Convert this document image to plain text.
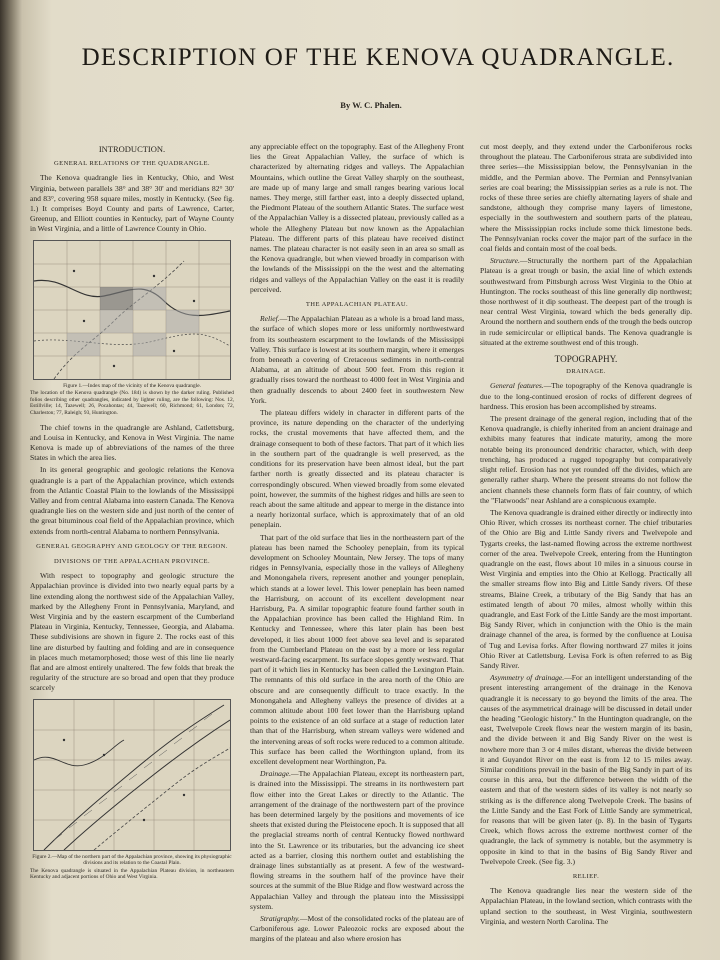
DESCRIPTION OF THE KENOVA QUADRANGLE.
By W. C. Phalen.
INTRODUCTION.
GENERAL RELATIONS OF THE QUADRANGLE.

The Kenova quadrangle lies in Kentucky, Ohio, and West Virginia, between parallels 38° and 38° 30' and meridians 82° 30' and 83°, covering 958 square miles, mostly in Kentucky. (See fig. 1.) It comprises Boyd County and parts of Lawrence, Carter, Greenup, and Elliott counties in Kentucky, part of Wayne County in West Virginia, and a little of Lawrence County in Ohio.

Figure 1.—Index map of the vicinity of the Kenova quadrangle.
The location of the Kenova quadrangle (No. 184) is shown by the darker ruling. Published folios describing other quadrangles, indicated by lighter ruling, are the following: Nos. 12, Estillville; 14, Tazewell; 26, Pocahontas; 44, Tazewell; 60, Richmond; 61, London; 72, Charleston; 77, Raleigh; 93, Huntington.

The chief towns in the quadrangle are Ashland, Catlettsburg, and Louisa in Kentucky, and Kenova in West Virginia. The name Kenova is made up of abbreviations of the names of the three States in which the area lies.

In its general geographic and geologic relations the Kenova quadrangle is a part of the Appalachian province, which extends from the Atlantic Coastal Plain to the lowlands of the Mississippi Valley and from central Alabama into eastern Canada. The Kenova quadrangle lies on the western side and just north of the center of the great bituminous coal field of the Appalachian province, which extends from north-central Alabama to northern Pennsylvania.

GENERAL GEOGRAPHY AND GEOLOGY OF THE REGION.
DIVISIONS OF THE APPALACHIAN PROVINCE.

With respect to topography and geologic structure the Appalachian province is divided into two nearly equal parts by a line extending along the northwest side of the Appalachian Valley, marked by the Allegheny Front in Pennsylvania, Maryland, and West Virginia and by the eastern escarpment of the Cumberland Plateau in Virginia, Kentucky, Tennessee, Georgia, and Alabama. These subdivisions are shown in figure 2. The rocks east of this line are disturbed by faulting and folding and are in consequence in places much metamorphosed; those west of this line lie nearly flat and are almost entirely unaltered. The few folds that break the regularity of the structure are so broad and open that they produce scarcely

Figure 2.—Map of the northern part of the Appalachian province, showing its physiographic divisions and its relation to the Coastal Plain.
The Kenova quadrangle is situated in the Appalachian Plateau division, in northeastern Kentucky and adjacent portions of Ohio and West Virginia.

any appreciable effect on the topography. East of the Allegheny Front lies the Great Appalachian Valley, the surface of which is characterized by alternating ridges and valleys. The Appalachian Mountains, which outline the Great Valley sharply on the southeast, are made up of many large and small ranges bearing various local names. They merge, still farther east, into a deeply dissected upland, the Piedmont Plateau of the southern Atlantic States. The surface west of the Appalachian Valley is a dissected plateau, previously called as a whole the Allegheny Plateau but now known as the Appalachian Plateau. The different parts of this plateau have received distinct names. The plateau character is not easily seen in an area so small as the Kenova quadrangle, but when viewed broadly in comparison with the lowlands of the Mississippi on the the west and the alternating ridges and valleys of the Appalachian Valley on the east it is readily perceived.

THE APPALACHIAN PLATEAU.

Relief.—The Appalachian Plateau as a whole is a broad land mass, the surface of which slopes more or less uniformly northwestward from its southeastern escarpment to the lowlands of the Mississippi Valley. This surface is lowest at its southern margin, where it emerges from beneath a covering of Cretaceous sediments in north-central Alabama, at an altitude of about 500 feet. From this region it gradually rises toward the northeast to 4000 feet in West Virginia and then gradually descends to about 2400 feet in southwestern New York.

The plateau differs widely in character in different parts of the province, its nature depending on the character of the underlying rocks, the crustal movements that have affected them, and the drainage consequent to both of these factors. That part of it which lies in the southern part of the quadrangle is well preserved, as the conditions for its preservation have been almost ideal, but the part farther north is greatly dissected and its plateau character is correspondingly obscured. When viewed broadly from some elevated point, however, the summits of the highest ridges and hills are seen to reach about the same altitude and appear to merge in the distance into a nearly horizontal surface, which is approximately that of an old peneplain.

That part of the old surface that lies in the northeastern part of the plateau has been named the Schooley peneplain, from its typical development on Schooley Mountain, New Jersey. The tops of many ridges in Pennsylvania, especially those in the valleys of Allegheny and Monongahela rivers, represent another and younger peneplain, which stands at a lower level. This lower peneplain has been named the Harrisburg, on account of its excellent development near Harrisburg, Pa. A similar topographic feature found farther south in the Appalachian province has been called the Highland Rim. In Kentucky and Tennessee, where this later plain has been best developed, it lies about 1000 feet above sea level and is separated from the Cumberland Plateau on the east by a more or less regular westward-facing escarpment. Its surface slopes gently westward. That part of it which lies in Kentucky has been called the Lexington Plain. The remnants of this old surface in the area north of the Ohio are obscure and are consequently difficult to trace exactly. In the Monongahela and Allegheny valleys the presence of divides at a common altitude about 100 feet lower than the Harrisburg upland points to the existence of an old surface at a stage of reduction later than that of the Harrisburg, when stream valleys were widened and the intervening areas of soft rocks were reduced to a common altitude. This surface has been called the Worthington upland, from its excellent development near Worthington, Pa.

Drainage.—The Appalachian Plateau, except its northeastern part, is drained into the Mississippi. The streams in its northwestern part flow either into the Great Lakes or directly to the Atlantic. The arrangement of the drainage of the northwestern part of the province has been determined largely by the positions and movements of ice sheets that existed during the Pleistocene epoch. It is supposed that all the preglacial streams north of central Kentucky flowed northward into the St. Lawrence or its tributaries, but the advancing ice sheet acted as a barrier, closing this northern outlet and establishing the drainage lines substantially as at present. A few of the westward-flowing streams in the southern half of the province have their sources at the summit of the Blue Ridge and flow westward across the Appalachian Valley and through the plateau into the Mississippi system.

Stratigraphy.—Most of the consolidated rocks of the plateau are of Carboniferous age. Lower Paleozoic rocks are exposed about the margins of the plateau and also where erosion has

cut most deeply, and they extend under the Carboniferous rocks throughout the plateau. The Carboniferous strata are subdivided into three series—the Mississippian below, the Pennsylvanian in the middle, and the Permian above. The Permian and Pennsylvanian series are coal bearing; the Mississippian series as a rule is not. The rocks of these three series are chiefly alternating layers of shale and sandstone, although they comprise many layers of limestone, especially in the southwestern and southern parts of the plateau, where the Mississippian rocks include some thick limestone beds. The Pennsylvanian rocks cover the major part of the surface in the coal fields and contain most of the coal beds.

Structure.—Structurally the northern part of the Appalachian Plateau is a great trough or basin, the axial line of which extends southwestward from Pittsburgh across West Virginia to the Ohio at Huntington. The rocks southeast of this line generally dip northwest; those northwest of it dip southeast. The deepest part of the trough is near central West Virginia, toward which the beds generally dip. Around the northern and southern ends of the trough the beds outcrop in rude semicircular or elliptical bands. The Kenova quadrangle is situated at the extreme southwest end of this trough.

TOPOGRAPHY.
DRAINAGE.

General features.—The topography of the Kenova quadrangle is due to the long-continued erosion of rocks of different degrees of hardness. This erosion has been accomplished by streams.

The present drainage of the general region, including that of the Kenova quadrangle, is chiefly inherited from an ancient drainage and exhibits many features that indicate maturity, among the more notable being its pronounced dendritic character, which, with deep trenching, has produced a rugged topography but comparatively slight relief. Erosion has not yet rounded off the divides, which are generally rather sharp. Where the present streams do not follow the ancient channels these channels form flats of fair country, of which the "Flatwoods" near Ashland are a conspicuous example.

The Kenova quadrangle is drained either directly or indirectly into Ohio River, which crosses its northeast corner. The chief tributaries of the Ohio are Big and Little Sandy rivers and Twelvepole and Tygarts creeks, the last-named flowing across the extreme northwest corner of the area. Twelvepole Creek, entering from the Huntington quadrangle on the east, flows about 10 miles in a sinuous course in West Virginia and empties into the Ohio at Kellogg. Practically all the smaller streams flow into Big and Little Sandy rivers. Of these streams, Blaine Creek, a tributary of the Big Sandy that has an estimated length of about 70 miles, almost wholly within this quadrangle, and East Fork of the Little Sandy are the most important. Big Sandy River, which in conjunction with the Ohio is the main drainage channel of the area, is formed by the confluence at Louisa of Tug and Levisa forks. After flowing northward 27 miles it joins Ohio River at Catlettsburg. Levisa Fork is often referred to as Big Sandy River.

Asymmetry of drainage.—For an intelligent understanding of the present interesting arrangement of the drainage in the Kenova quadrangle it is necessary to go beyond the limits of the area. The causes of the asymmetrical drainage will be discussed in detail under the heading "Geologic history." In the Huntington quadrangle, on the east, Twelvepole Creek flows near the western margin of its basin, and the divide between it and Big Sandy River on the west is nowhere more than 3 or 4 miles distant, whereas the divide between it and Guyandot River on the east is from 12 to 15 miles away. Similar conditions prevail in the basin of the Big Sandy in part of its course in this area, but the difference between the width of the eastern and that of the western sides of its valley is not nearly so striking as is the difference along Twelvepole Creek. The basins of the Little Sandy and the East Fork of Little Sandy are symmetrical, for reasons that will be given later (p. 8). In the basin of Tygarts Creek, which flows across the extreme northwest corner of the quadrangle, the lack of symmetry is notable, but the asymmetry is opposite in kind to that in the basins of Big Sandy River and Twelvepole Creek. (See fig. 3.)

RELIEF.

The Kenova quadrangle lies near the western side of the Appalachian Plateau, in the lowland section, which contrasts with the upland section to the southeast, in West Virginia, southwestern Virginia, and western North Carolina. The
